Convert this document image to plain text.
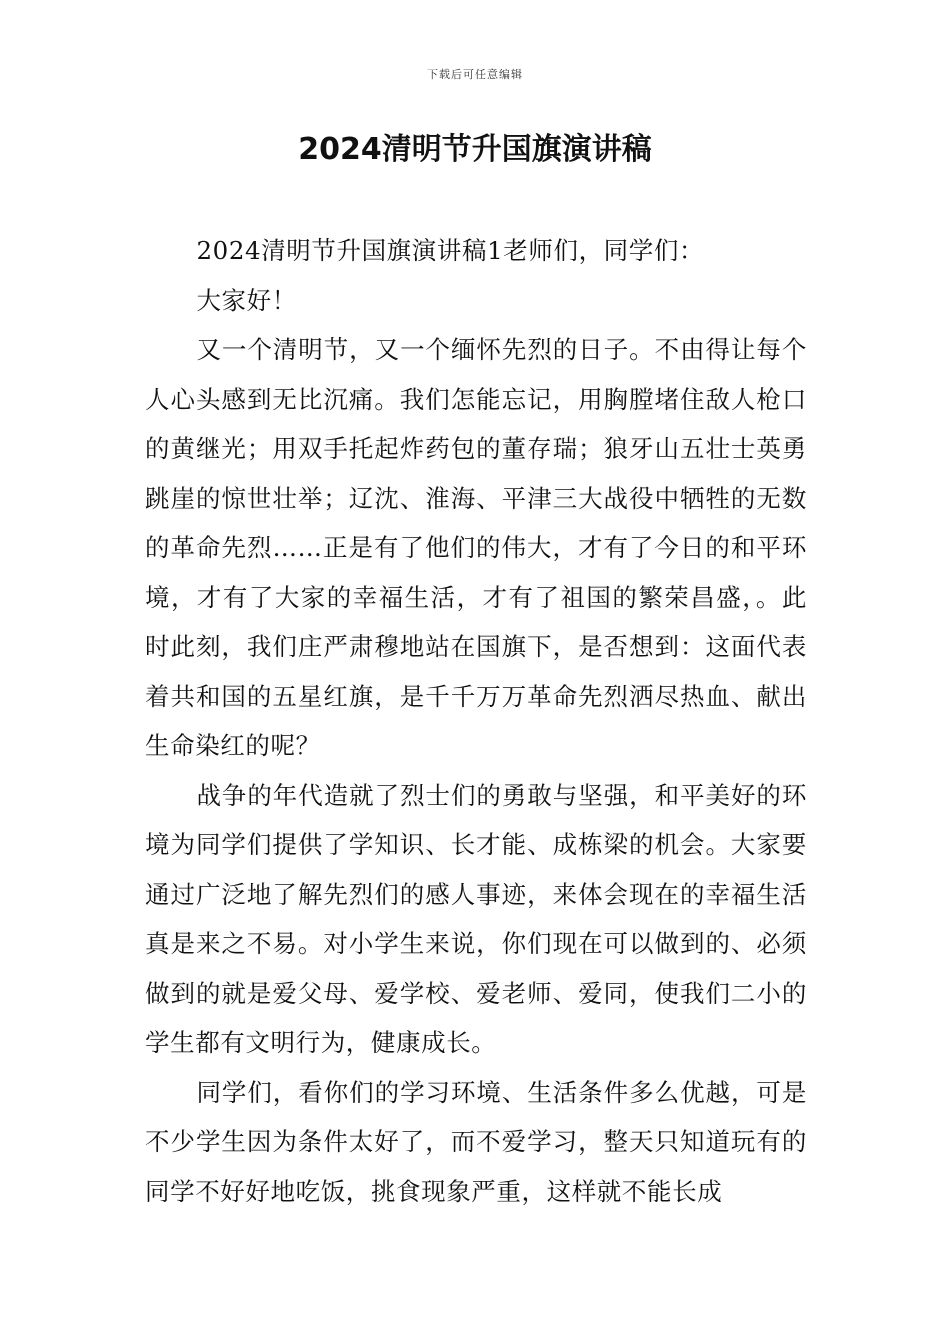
下载后可任意编辑
2024清明节升国旗演讲稿

2024清明节升国旗演讲稿1老师们，同学们：

大家好！

又一个清明节，又一个缅怀先烈的日子。不由得让每个人心头感到无比沉痛。我们怎能忘记，用胸膛堵住敌人枪口的黄继光；用双手托起炸药包的董存瑞；狼牙山五壮士英勇跳崖的惊世壮举；辽沈、淮海、平津三大战役中牺牲的无数的革命先烈……正是有了他们的伟大，才有了今日的和平环境，才有了大家的幸福生活，才有了祖国的繁荣昌盛，。此时此刻，我们庄严肃穆地站在国旗下，是否想到：这面代表着共和国的五星红旗，是千千万万革命先烈洒尽热血、献出生命染红的呢？

战争的年代造就了烈士们的勇敢与坚强，和平美好的环境为同学们提供了学知识、长才能、成栋梁的机会。大家要通过广泛地了解先烈们的感人事迹，来体会现在的幸福生活真是来之不易。对小学生来说，你们现在可以做到的、必须做到的就是爱父母、爱学校、爱老师、爱同，使我们二小的学生都有文明行为，健康成长。

同学们，看你们的学习环境、生活条件多么优越，可是不少学生因为条件太好了，而不爱学习，整天只知道玩有的同学不好好地吃饭，挑食现象严重，这样就不能长成
